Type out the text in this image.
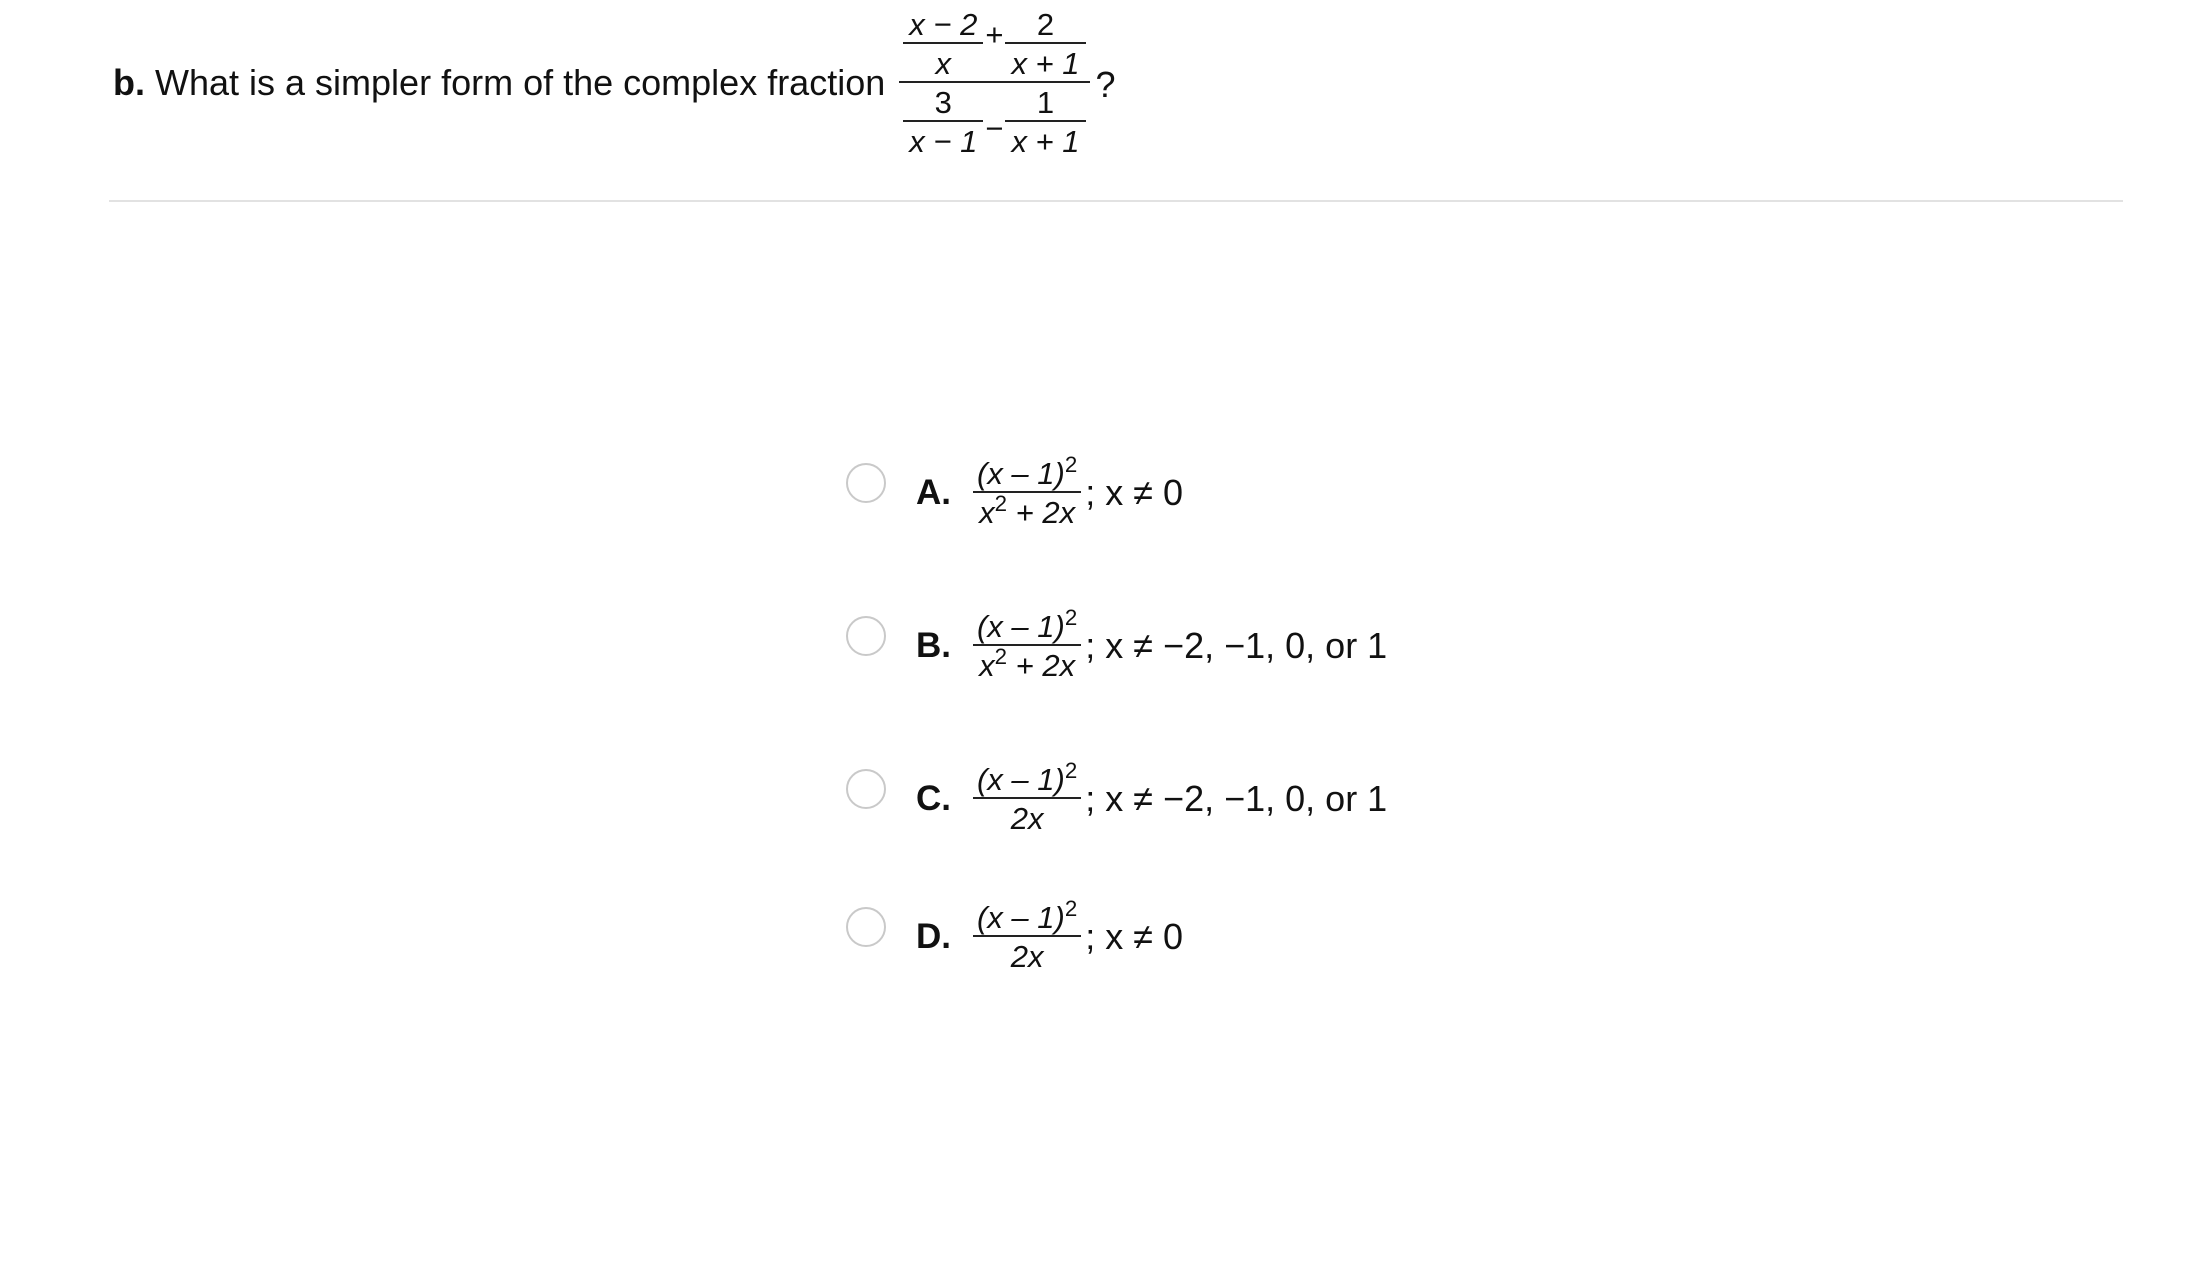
b. What is a simpler form of the complex fraction
$\frac{x - 2}{x} + \frac{2}{x + 1}$
$\frac{3}{x - 1} - \frac{1}{x + 1}$
?
A. $\frac{(x - 1)^2}{x^2 + 2x}$ ; x ≠ 0
B. $\frac{(x - 1)^2}{x^2 + 2x}$ ; x ≠ −2, −1, 0, or 1
C. $\frac{(x - 1)^2}{2x}$ ; x ≠ −2, −1, 0, or 1
D. $\frac{(x - 1)^2}{2x}$ ; x ≠ 0
